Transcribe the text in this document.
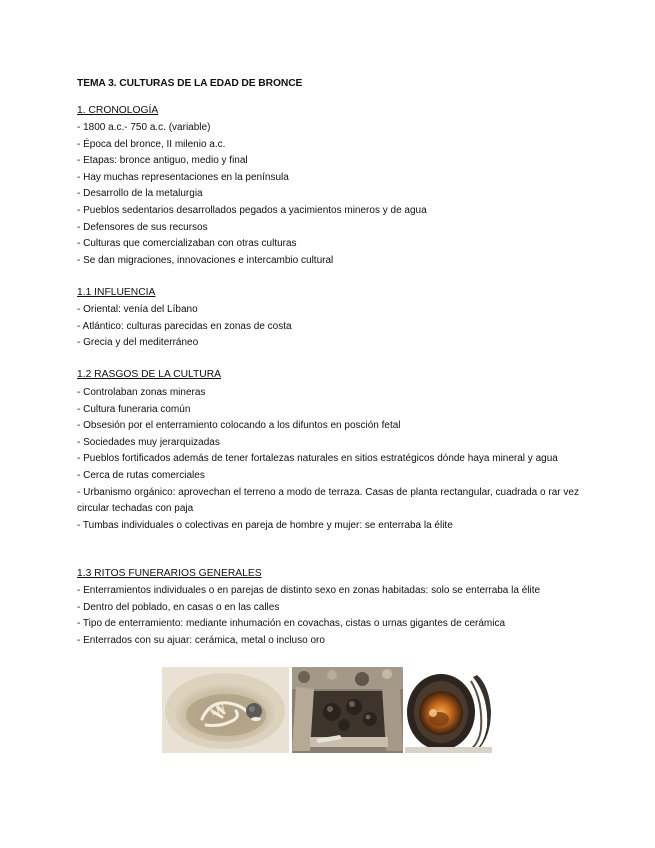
TEMA 3. CULTURAS DE LA EDAD DE BRONCE
1. CRONOLOGÍA
- 1800 a.c.- 750 a.c. (variable)
- Época del bronce, II milenio a.c.
- Etapas: bronce antiguo, medio y final
- Hay muchas representaciones en la península
- Desarrollo de la metalurgia
- Pueblos sedentarios desarrollados pegados a yacimientos mineros y de agua
- Defensores de sus recursos
- Culturas que comercializaban con otras culturas
- Se dan migraciones, innovaciones e intercambio cultural
1.1 INFLUENCIA
- Oriental: venía del Líbano
- Atlántico: culturas parecidas en zonas de costa
- Grecia y del mediterráneo
1.2 RASGOS DE LA CULTURA
- Controlaban zonas mineras
- Cultura funeraria común
- Obsesión por el enterramiento colocando a los difuntos en posción fetal
- Sociedades muy jerarquizadas
- Pueblos fortificados además de tener fortalezas naturales en sitios estratégicos dónde haya mineral y agua
- Cerca de rutas comerciales
- Urbanismo orgánico: aprovechan el terreno a modo de terraza. Casas de planta rectangular, cuadrada o rar vez circular techadas con paja
- Tumbas individuales o colectivas en pareja de hombre y mujer: se enterraba la élite
1.3 RITOS FUNERARIOS GENERALES
- Enterramientos individuales o en parejas de distinto sexo en zonas habitadas: solo se enterraba la élite
- Dentro del poblado, en casas o en las calles
- Tipo de enterramiento: mediante inhumación en covachas, cistas o urnas gigantes de cerámica
- Enterrados con su ajuar: cerámica, metal o incluso oro
